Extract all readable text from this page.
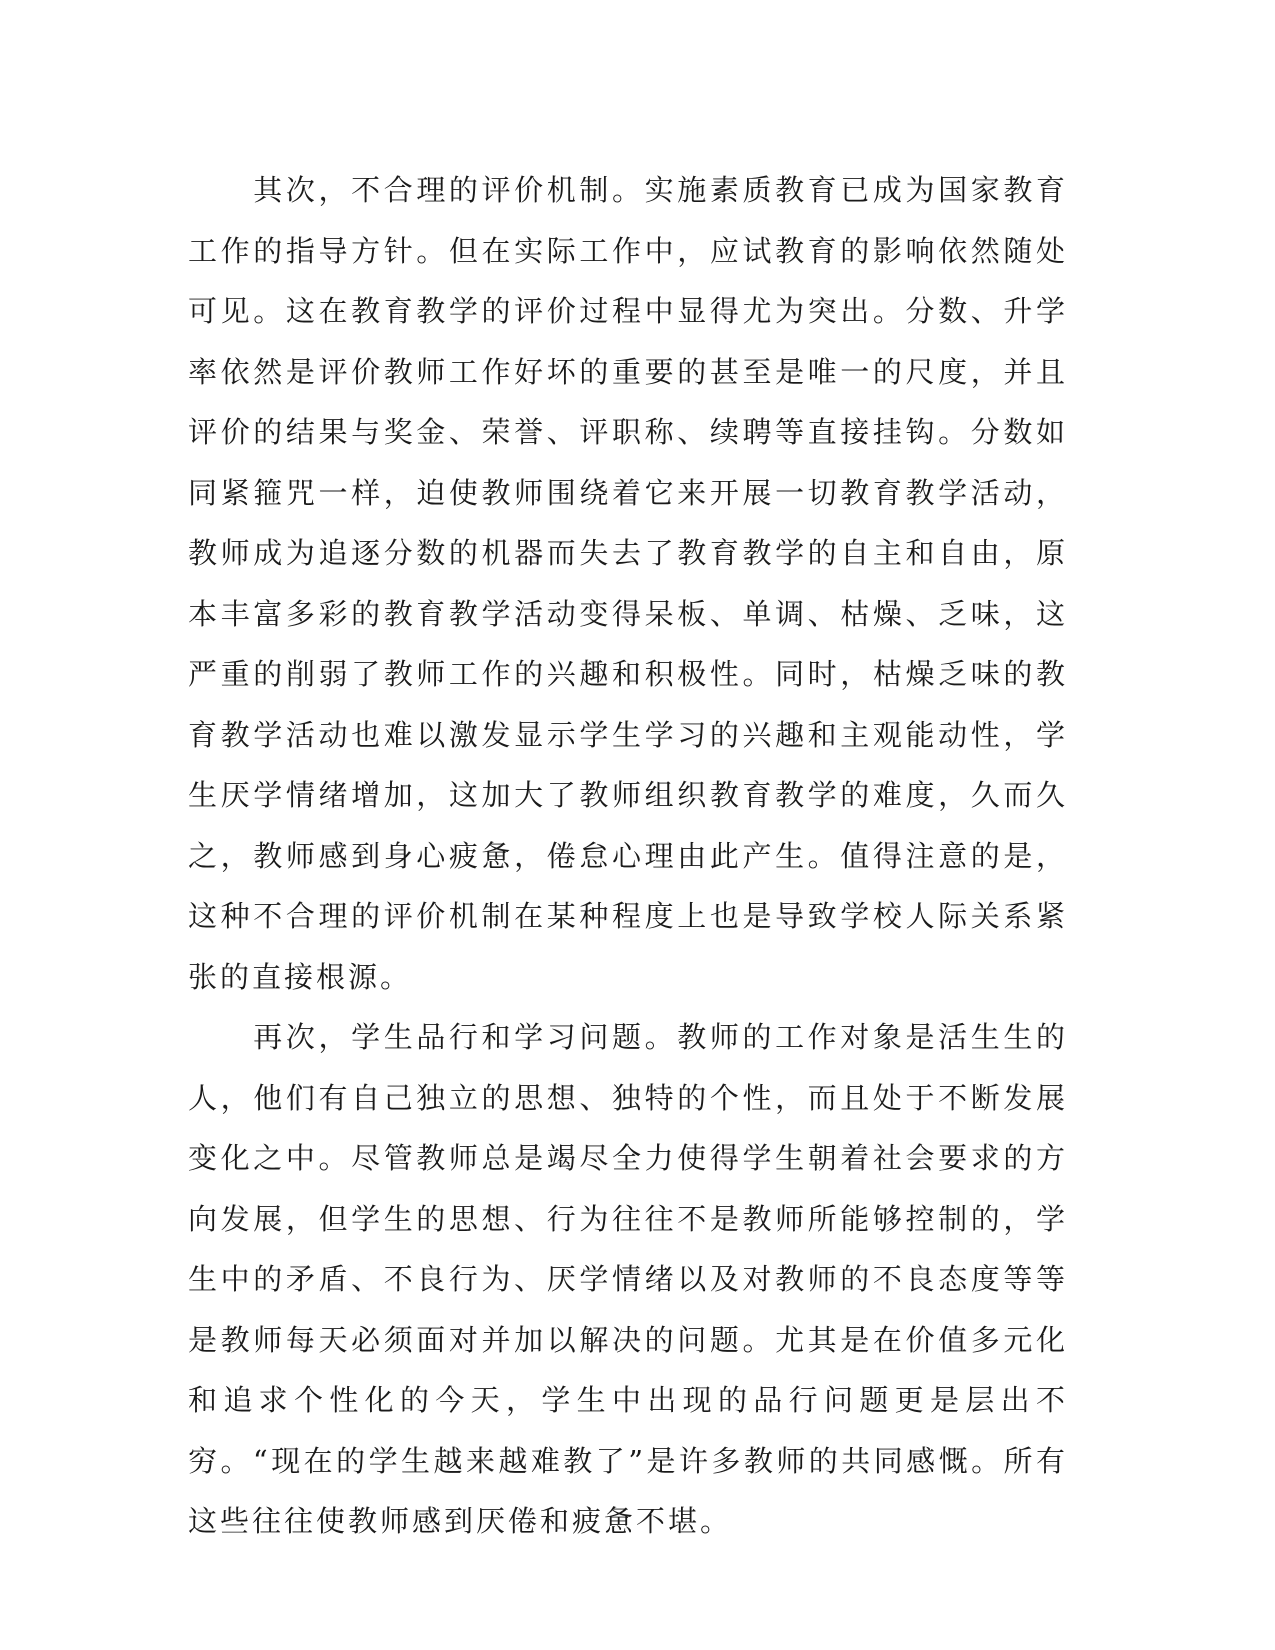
其次，不合理的评价机制。实施素质教育已成为国家教育工作的指导方针。但在实际工作中，应试教育的影响依然随处可见。这在教育教学的评价过程中显得尤为突出。分数、升学率依然是评价教师工作好坏的重要的甚至是唯一的尺度，并且评价的结果与奖金、荣誉、评职称、续聘等直接挂钩。分数如同紧箍咒一样，迫使教师围绕着它来开展一切教育教学活动，教师成为追逐分数的机器而失去了教育教学的自主和自由，原本丰富多彩的教育教学活动变得呆板、单调、枯燥、乏味，这严重的削弱了教师工作的兴趣和积极性。同时，枯燥乏味的教育教学活动也难以激发显示学生学习的兴趣和主观能动性，学生厌学情绪增加，这加大了教师组织教育教学的难度，久而久之，教师感到身心疲惫，倦怠心理由此产生。值得注意的是，这种不合理的评价机制在某种程度上也是导致学校人际关系紧张的直接根源。

再次，学生品行和学习问题。教师的工作对象是活生生的人，他们有自己独立的思想、独特的个性，而且处于不断发展变化之中。尽管教师总是竭尽全力使得学生朝着社会要求的方向发展，但学生的思想、行为往往不是教师所能够控制的，学生中的矛盾、不良行为、厌学情绪以及对教师的不良态度等等是教师每天必须面对并加以解决的问题。尤其是在价值多元化和追求个性化的今天，学生中出现的品行问题更是层出不穷。“现在的学生越来越难教了”是许多教师的共同感慨。所有这些往往使教师感到厌倦和疲惫不堪。
